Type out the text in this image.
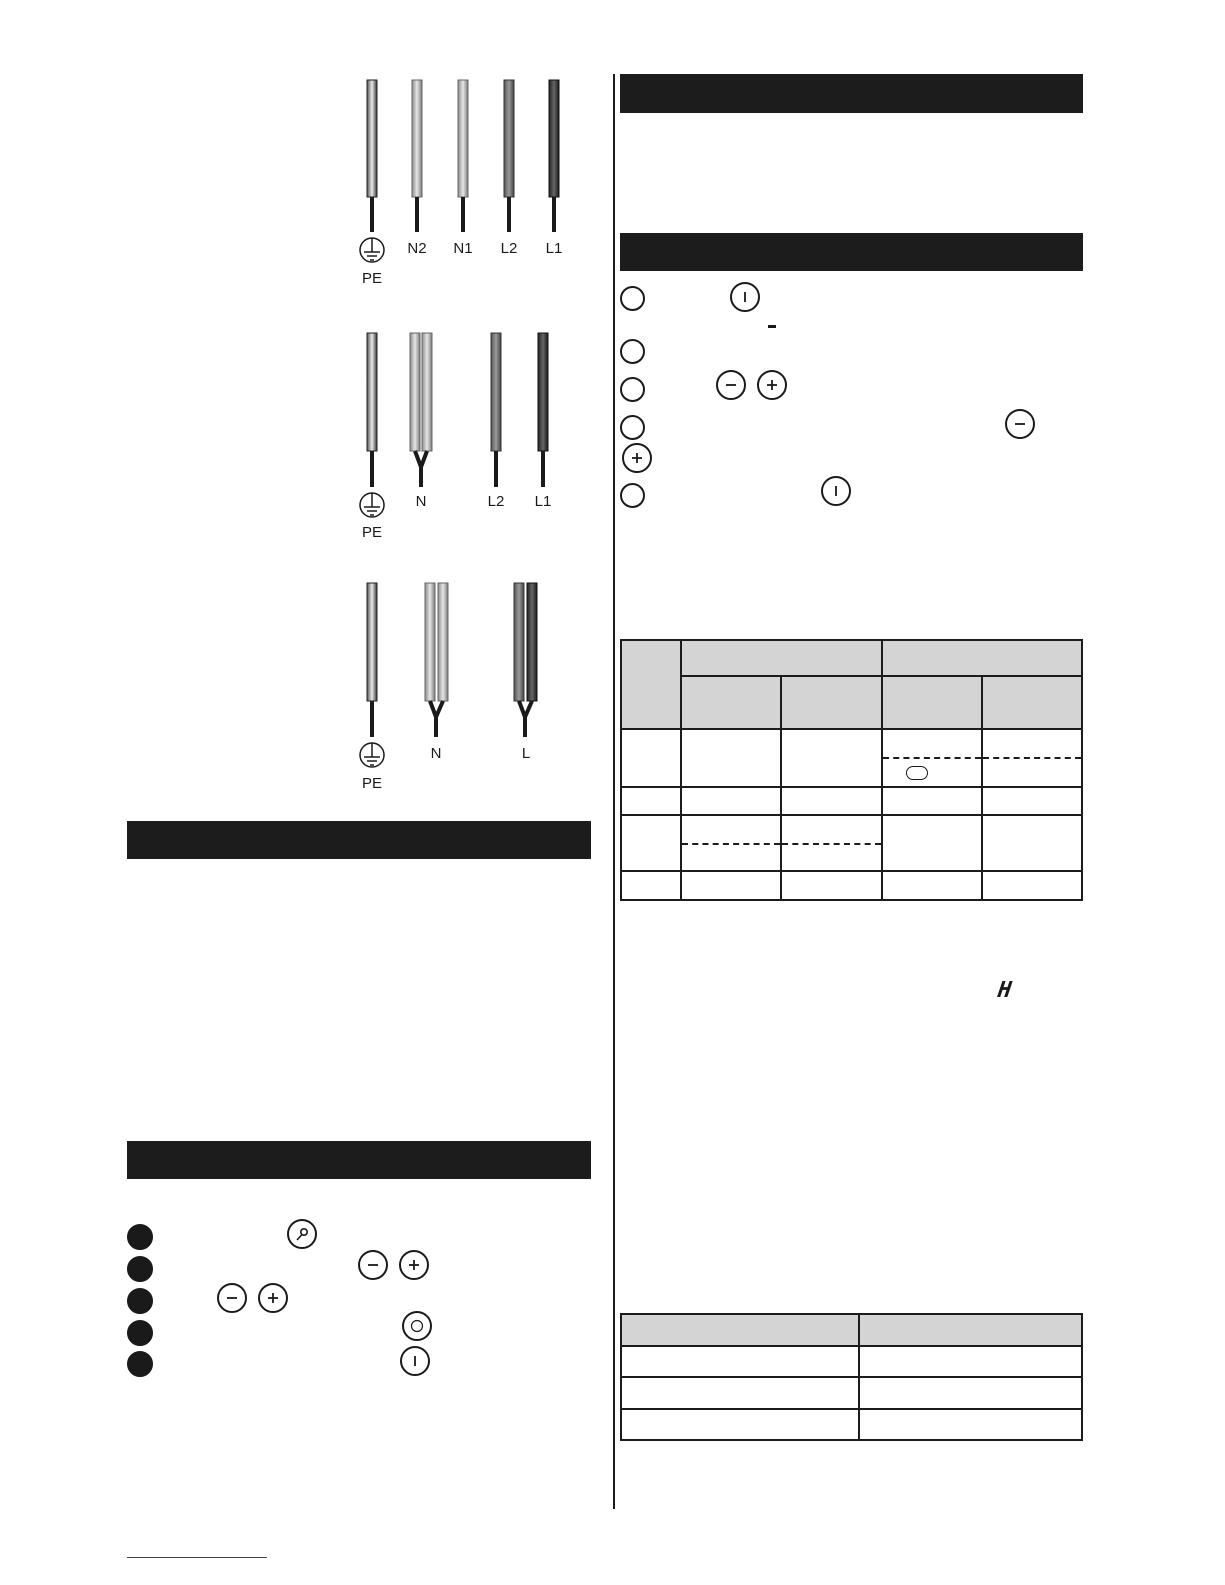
PE
N2	N1	L2	L1
PE
N	L2	L1
PE
N	L

H
